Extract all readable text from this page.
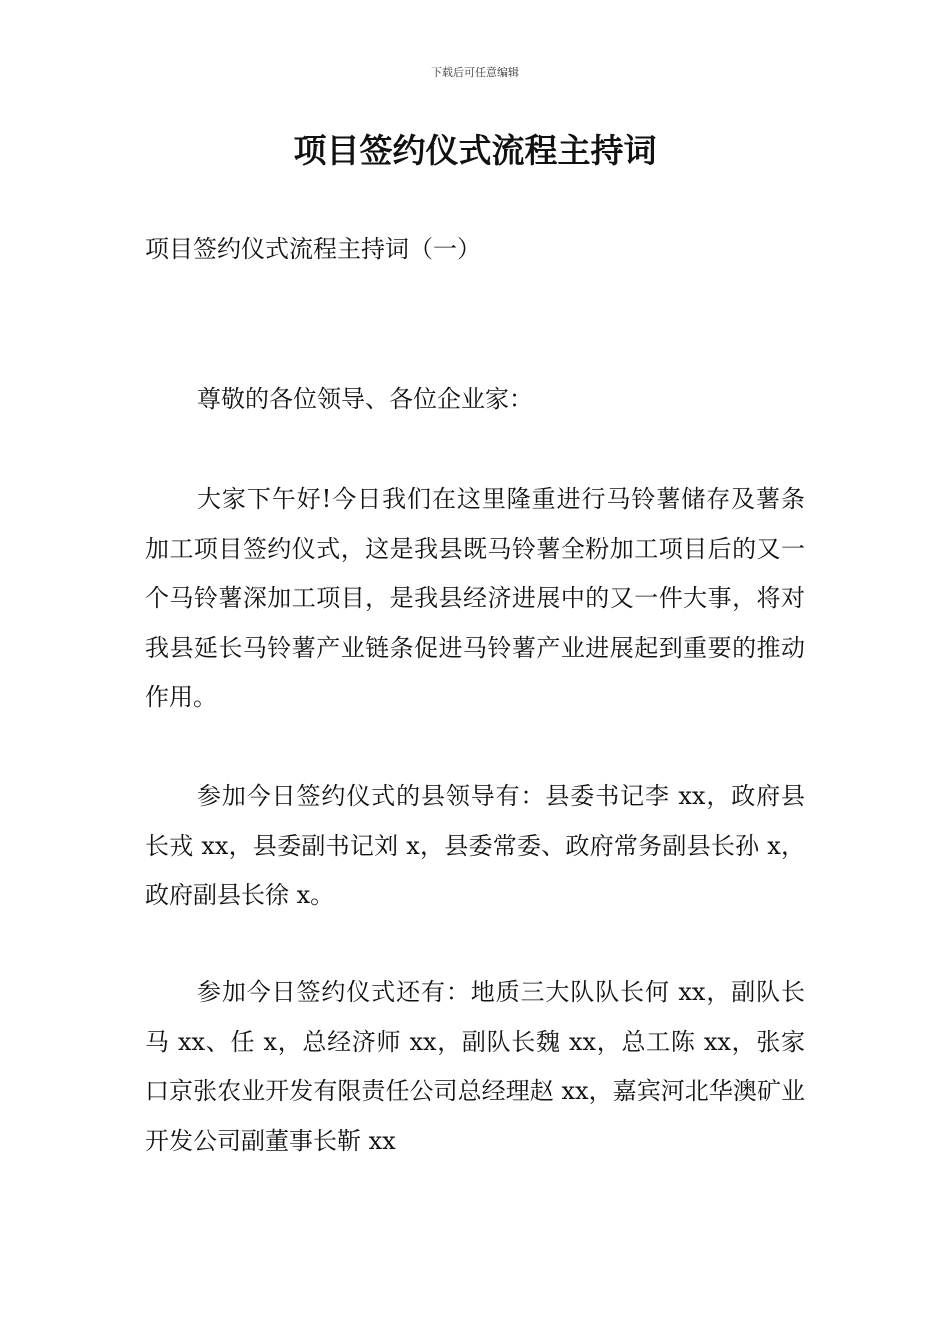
下载后可任意编辑
项目签约仪式流程主持词

项目签约仪式流程主持词（一）

尊敬的各位领导、各位企业家：

大家下午好!今日我们在这里隆重进行马铃薯储存及薯条加工项目签约仪式，这是我县既马铃薯全粉加工项目后的又一个马铃薯深加工项目，是我县经济进展中的又一件大事，将对我县延长马铃薯产业链条促进马铃薯产业进展起到重要的推动作用。

参加今日签约仪式的县领导有：县委书记李 xx，政府县长戎 xx，县委副书记刘 x，县委常委、政府常务副县长孙 x，政府副县长徐 x。

参加今日签约仪式还有：地质三大队队长何 xx，副队长马 xx、任 x，总经济师 xx，副队长魏 xx，总工陈 xx，张家口京张农业开发有限责任公司总经理赵 xx，嘉宾河北华澳矿业开发公司副董事长靳 xx
